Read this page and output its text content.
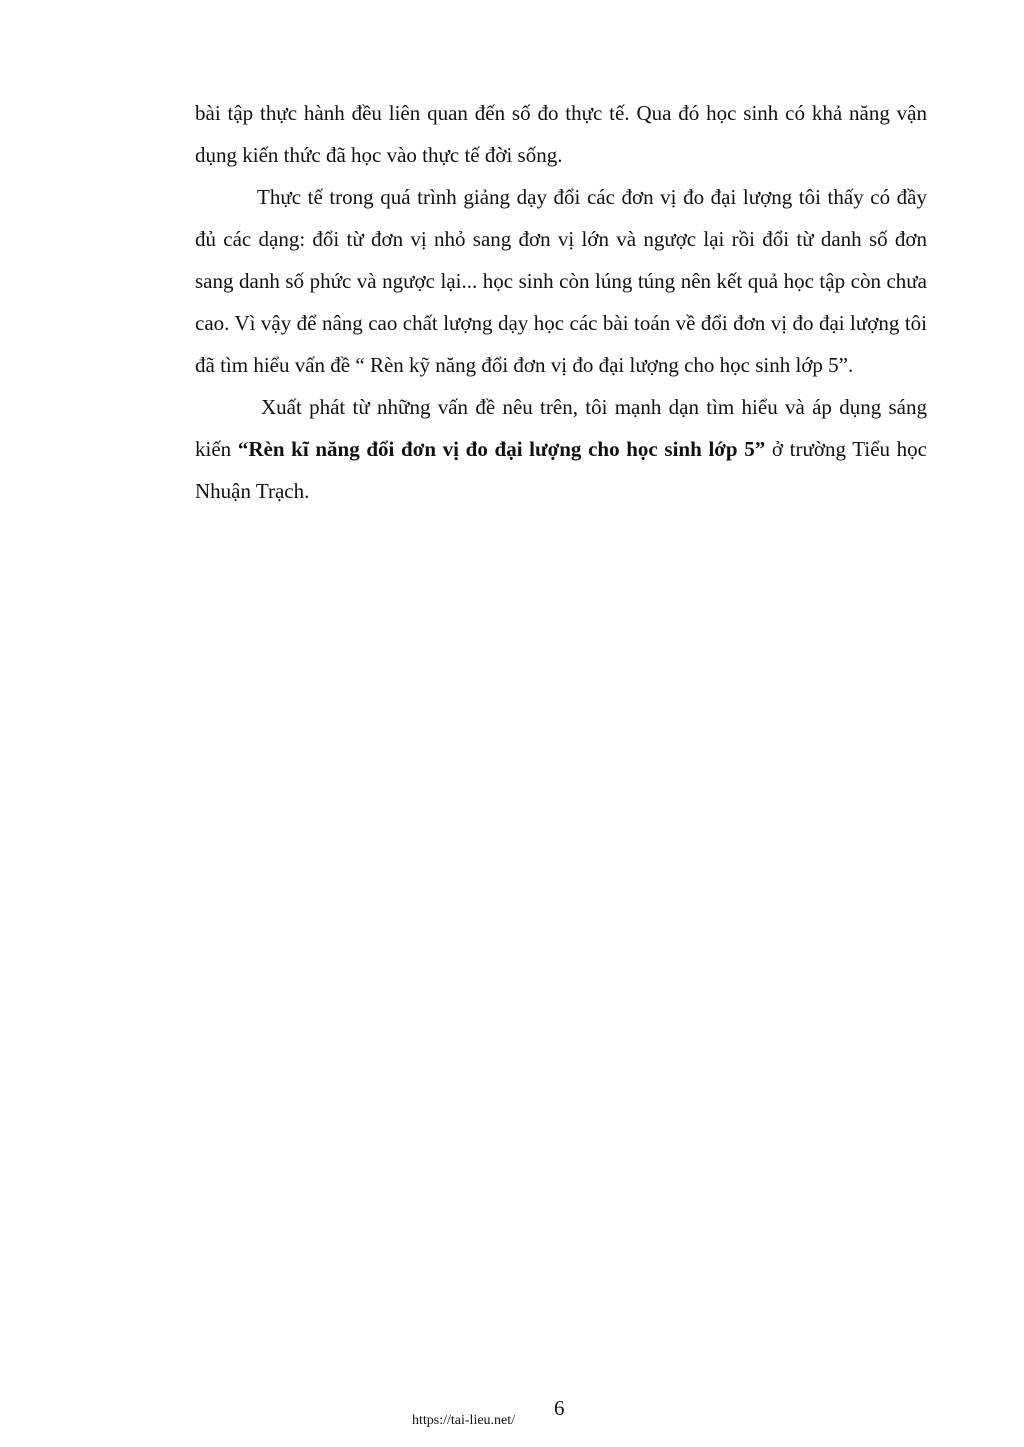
bài tập thực hành đều liên quan đến số đo thực tế. Qua đó học sinh có khả năng vận dụng kiến thức đã học vào thực tế đời sống.

Thực tế trong quá trình giảng dạy đổi các đơn vị đo đại lượng tôi thấy có đầy đủ các dạng: đổi từ đơn vị nhỏ sang đơn vị lớn và ngược lại rồi đổi từ danh số đơn sang danh số phức và ngược lại... học sinh còn lúng túng nên kết quả học tập còn chưa cao. Vì vậy để nâng cao chất lượng dạy học các bài toán về đổi đơn vị đo đại lượng tôi đã tìm hiểu vấn đề “ Rèn kỹ năng đổi đơn vị đo đại lượng cho học sinh lớp 5”.

Xuất phát từ những vấn đề nêu trên, tôi mạnh dạn tìm hiểu và áp dụng sáng kiến “Rèn kĩ năng đổi đơn vị đo đại lượng cho học sinh lớp 5” ở trường Tiểu học Nhuận Trạch.

https://tai-lieu.net/
6
